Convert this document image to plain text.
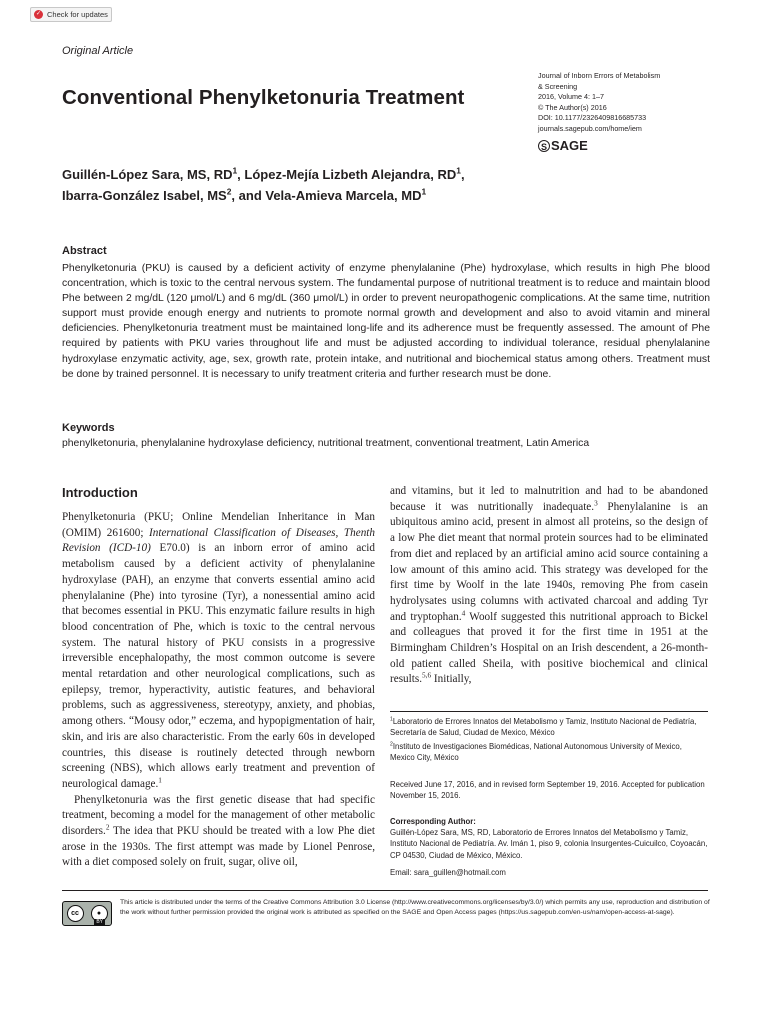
✓ Check for updates
Original Article
Conventional Phenylketonuria Treatment
Journal of Inborn Errors of Metabolism
& Screening
2016, Volume 4: 1–7
© The Author(s) 2016
DOI: 10.1177/2326409816685733
journals.sagepub.com/home/iem
S SAGE
Guillén-López Sara, MS, $RD^1$, López-Mejía Lizbeth Alejandra, $RD^1$,
Ibarra-González Isabel, $MS^2$, and Vela-Amieva Marcela, $MD^1$
Abstract
Phenylketonuria (PKU) is caused by a deficient activity of enzyme phenylalanine (Phe) hydroxylase, which results in high Phe blood concentration, which is toxic to the central nervous system. The fundamental purpose of nutritional treatment is to reduce and maintain blood Phe between 2 mg/dL (120 μmol/L) and 6 mg/dL (360 μmol/L) in order to prevent neuropathogenic complications. At the same time, nutrition support must provide enough energy and nutrients to promote normal growth and development and also to avoid vitamin and mineral deficiencies. Phenylketonuria treatment must be maintained long-life and its adherence must be frequently assessed. The amount of Phe required by patients with PKU varies throughout life and must be adjusted according to individual tolerance, residual phenylalanine hydroxylase enzymatic activity, age, sex, growth rate, protein intake, and nutritional and biochemical status among others. Treatment must be done by trained personnel. It is necessary to unify treatment criteria and further research must be done.
Keywords
phenylketonuria, phenylalanine hydroxylase deficiency, nutritional treatment, conventional treatment, Latin America
Introduction

Phenylketonuria (PKU; Online Mendelian Inheritance in Man (OMIM) 261600; International Classification of Diseases, Thenth Revision (ICD-10) E70.0) is an inborn error of amino acid metabolism caused by a deficient activity of phenylalanine hydroxylase (PAH), an enzyme that converts essential amino acid phenylalanine (Phe) into tyrosine (Tyr), a nonessential amino acid that becomes essential in PKU. This enzymatic failure results in high blood concentration of Phe, which is toxic to the central nervous system. The natural history of PKU consists in a progressive irreversible encephalopathy, the most common outcome is severe mental retardation and other neurological complications, such as epilepsy, tremor, hyperactivity, autistic features, and behavioral problems, such as aggressiveness, stereotypy, anxiety, and phobias, among others. “Mousy odor,” eczema, and hypopigmentation of hair, skin, and iris are also characteristic. From the early 60s in developed countries, this disease is routinely detected through newborn screening (NBS), which allows early treatment and prevention of neurological damage.$^1$

Phenylketonuria was the first genetic disease that had specific treatment, becoming a model for the management of other metabolic disorders.$^2$ The idea that PKU should be treated with a low Phe diet arose in the 1930s. The first attempt was made by Lionel Penrose, with a diet composed solely on fruit, sugar, olive oil,

and vitamins, but it led to malnutrition and had to be abandoned because it was nutritionally inadequate.$^3$ Phenylalanine is an ubiquitous amino acid, present in almost all proteins, so the design of a low Phe diet meant that normal protein sources had to be eliminated from diet and replaced by an artificial amino acid source containing a low amount of this amino acid. This strategy was developed for the first time by Woolf in the late 1940s, removing Phe from casein hydrolysates using columns with activated charcoal and adding Tyr and tryptophan.$^4$ Woolf suggested this nutritional approach to Bickel and colleagues that proved it for the first time in 1951 at the Birmingham Children’s Hospital on an Irish descendent, a 26-month-old patient called Sheila, with positive biochemical and clinical results.$^{5,6}$ Initially,

$^1$Laboratorio de Errores Innatos del Metabolismo y Tamiz, Instituto Nacional de Pediatría, Secretaría de Salud, Ciudad de Mexico, México
$^2$Instituto de Investigaciones Biomédicas, National Autonomous University of Mexico, Mexico City, México
Received June 17, 2016, and in revised form September 19, 2016. Accepted for publication November 15, 2016.
Corresponding Author:
Guillén-López Sara, MS, RD, Laboratorio de Errores Innatos del Metabolismo y Tamiz, Instituto Nacional de Pediatría. Av. Imán 1, piso 9, colonia Insurgentes-Cuicuilco, Coyoacán, CP 04530, Ciudad de México, México.
Email: sara_guillen@hotmail.com
cc	●
BY
This article is distributed under the terms of the Creative Commons Attribution 3.0 License (http://www.creativecommons.org/licenses/by/3.0/) which permits any use, reproduction and distribution of the work without further permission provided the original work is attributed as specified on the SAGE and Open Access pages (https://us.sagepub.com/en-us/nam/open-access-at-sage).
